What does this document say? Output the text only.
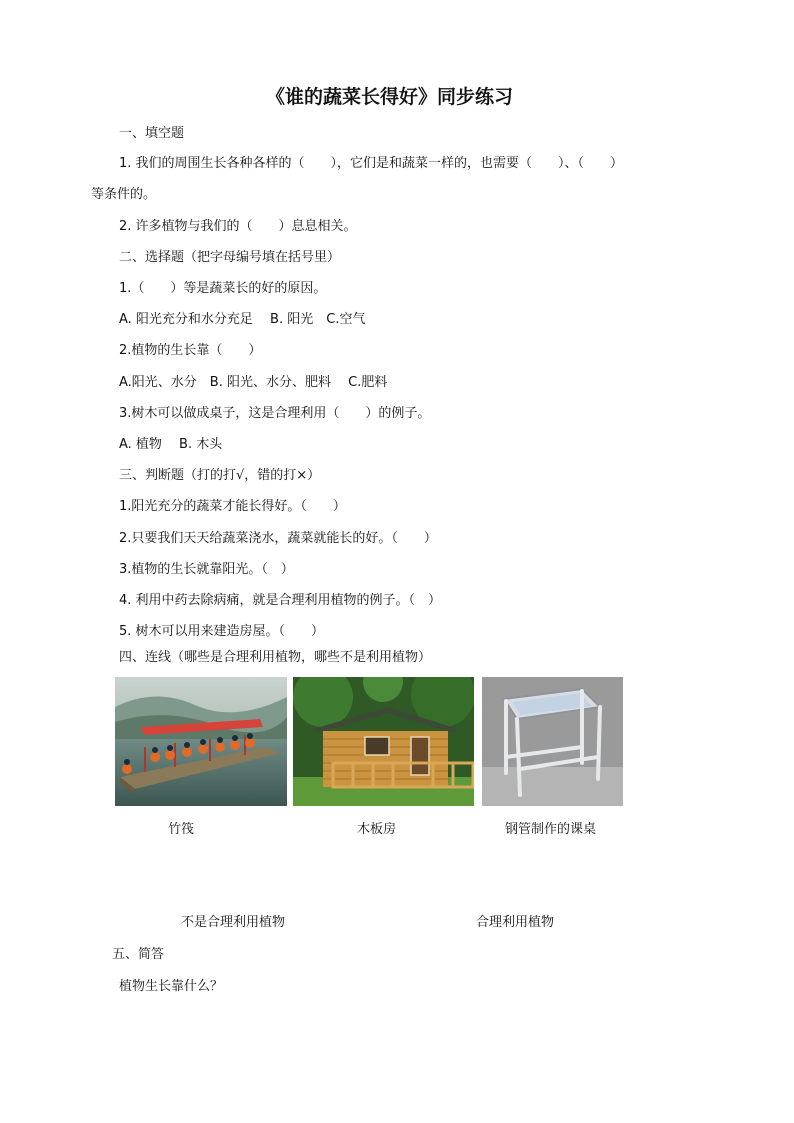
《谁的蔬菜长得好》同步练习
一、填空题
1. 我们的周围生长各种各样的（　　），它们是和蔬菜一样的，也需要（　　）、（　　）
等条件的。
2. 许多植物与我们的（　　）息息相关。
二、选择题（把字母编号填在括号里）
1.（　　）等是蔬菜长的好的原因。
A. 阳光充分和水分充足　 B. 阳光　C.空气
2.植物的生长靠（　　）
A.阳光、水分　B. 阳光、水分、肥料　 C.肥料
3.树木可以做成桌子，这是合理利用（　　）的例子。
A. 植物　 B. 木头
三、判断题（打的打√，错的打×）
1.阳光充分的蔬菜才能长得好。（　　）
2.只要我们天天给蔬菜浇水，蔬菜就能长的好。（　　）
3.植物的生长就靠阳光。（　）
4. 利用中药去除病痛，就是合理利用植物的例子。（　）
5. 树木可以用来建造房屋。（　　）
四、连线（哪些是合理利用植物，哪些不是利用植物）
竹筏	木板房	钢管制作的课桌
不是合理利用植物	合理利用植物
五、简答
植物生长靠什么？
